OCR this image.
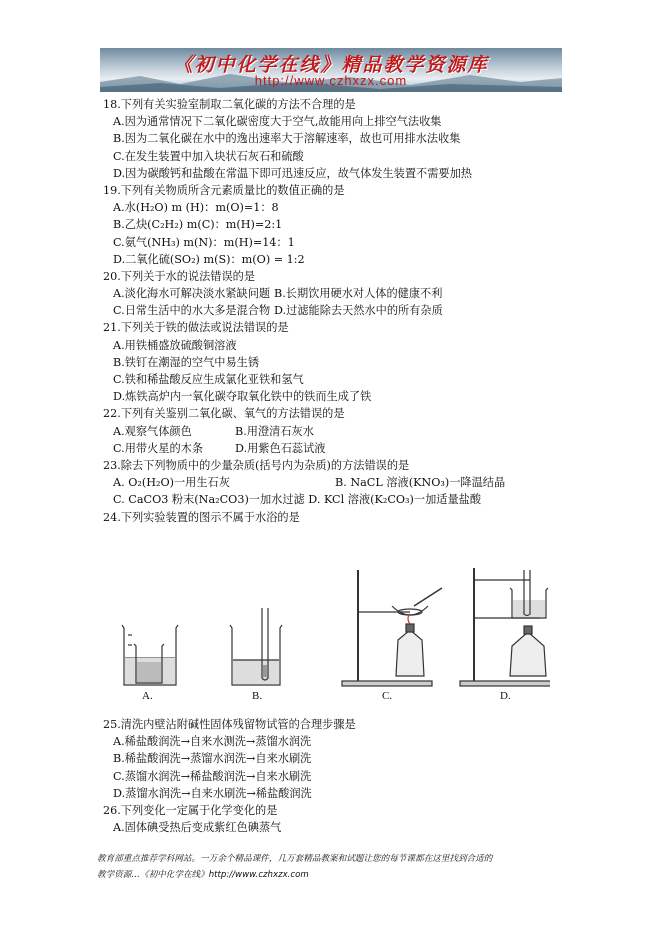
《初中化学在线》精品教学资源库
http://www.czhxzx.com
18.下列有关实验室制取二氧化碳的方法不合理的是
A.因为通常情况下二氧化碳密度大于空气,故能用向上排空气法收集
B.因为二氧化碳在水中的逸出速率大于溶解速率，故也可用排水法收集
C.在发生装置中加入块状石灰石和硫酸
D.因为碳酸钙和盐酸在常温下即可迅速反应，故气体发生装置不需要加热
19.下列有关物质所含元素质量比的数值正确的是
A.水(H₂O) m (H)：m(O)=1：8
B.乙炔(C₂H₂) m(C)：m(H)=2:1
C.氨气(NH₃) m(N)：m(H)=14：1
D.二氧化硫(SO₂) m(S)：m(O) = 1:2
20.下列关于水的说法错误的是
A.淡化海水可解决淡水紧缺问题 B.长期饮用硬水对人体的健康不利
C.日常生活中的水大多是混合物 D.过滤能除去天然水中的所有杂质
21.下列关于铁的做法或说法错误的是
A.用铁桶盛放硫酸铜溶液
B.铁钉在潮湿的空气中易生锈
C.铁和稀盐酸反应生成氯化亚铁和氢气
D.炼铁高炉内一氧化碳夺取氧化铁中的铁而生成了铁
22.下列有关鉴别二氧化碳、氧气的方法错误的是
A.观察气体颜色	B.用澄清石灰水
C.用带火星的木条	D.用紫色石蕊试液
23.除去下列物质中的少量杂质(括号内为杂质)的方法错误的是
A. O₂(H₂O)一用生石灰	B. NaCL 溶液(KNO₃)一降温结晶
C. CaCO3 粉末(Na₂CO3)一加水过滤 D. KCl 溶液(K₂CO₃)一加适量盐酸
24.下列实验装置的图示不属于水浴的是
A.	B.	C.	D.
25.清洗内壁沾附碱性固体残留物试管的合理步骤是
A.稀盐酸润洗→自来水测洗→蒸馏水润洗
B.稀盐酸润洗→蒸馏水润洗→自来水刷洗
C.蒸馏水润洗→稀盐酸润洗→自来水刷洗
D.蒸馏水润洗→自来水刷洗→稀盐酸润洗
26.下列变化一定属于化学变化的是
A.固体碘受热后变成紫红色碘蒸气
教育部重点推荐学科网站。一万余个精品课件，几万套精品教案和试题让您的每节课都在这里找到合适的
教学资源…《初中化学在线》http://www.czhxzx.com
